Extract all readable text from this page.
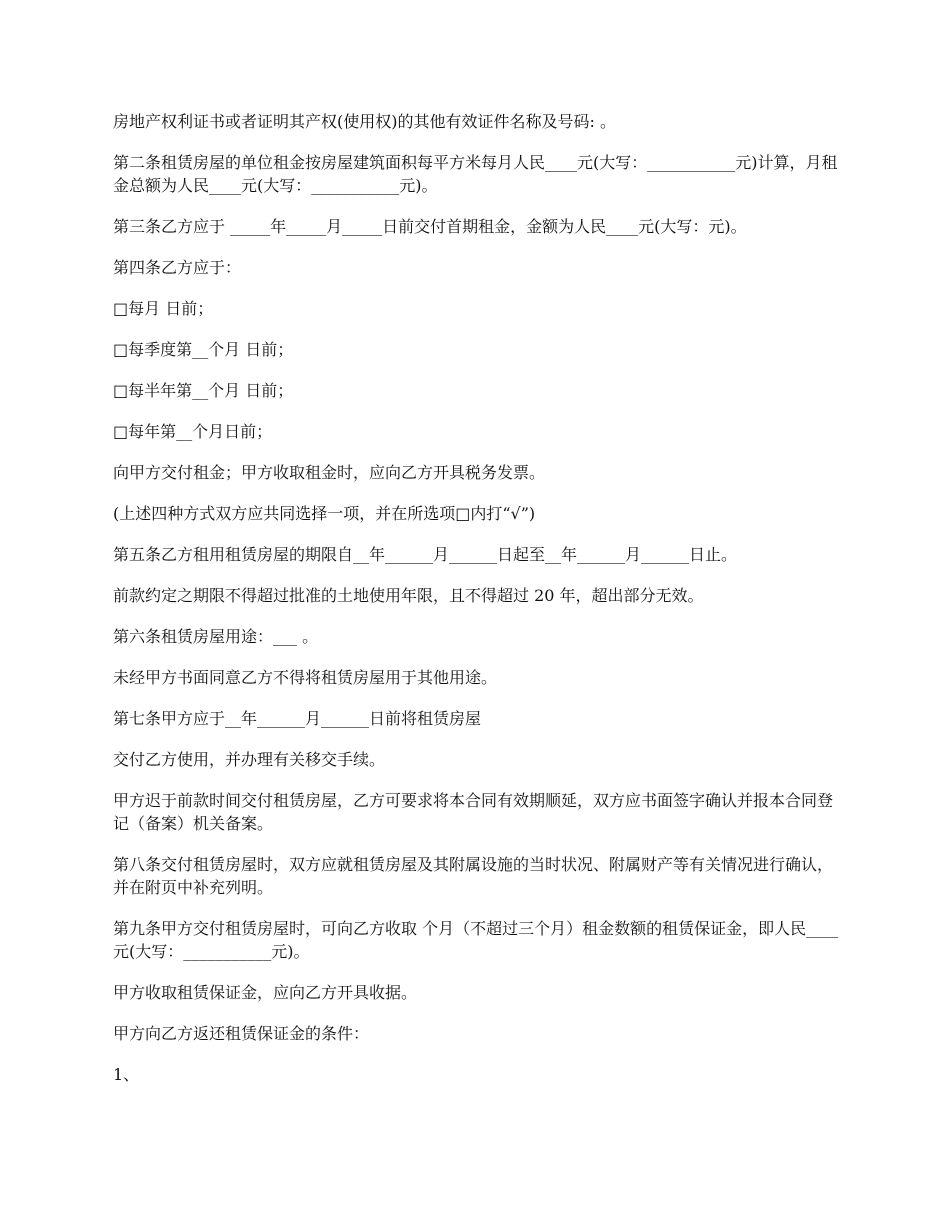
房地产权利证书或者证明其产权(使用权)的其他有效证件名称及号码: 。

第二条租赁房屋的单位租金按房屋建筑面积每平方米每月人民____元(大写：___________元)计算，月租金总额为人民____元(大写：___________元)。

第三条乙方应于 _____年_____月_____日前交付首期租金，金额为人民____元(大写：元)。

第四条乙方应于：

□每月 日前；

□每季度第__个月 日前；

□每半年第__个月 日前；

□每年第__个月日前；

向甲方交付租金；甲方收取租金时，应向乙方开具税务发票。

(上述四种方式双方应共同选择一项，并在所选项□内打“√”)

第五条乙方租用租赁房屋的期限自__年______月______日起至__年______月______日止。

前款约定之期限不得超过批准的土地使用年限，且不得超过 20 年，超出部分无效。

第六条租赁房屋用途：___ 。

未经甲方书面同意乙方不得将租赁房屋用于其他用途。

第七条甲方应于__年______月______日前将租赁房屋

交付乙方使用，并办理有关移交手续。

甲方迟于前款时间交付租赁房屋，乙方可要求将本合同有效期顺延，双方应书面签字确认并报本合同登记（备案）机关备案。

第八条交付租赁房屋时，双方应就租赁房屋及其附属设施的当时状况、附属财产等有关情况进行确认，并在附页中补充列明。

第九条甲方交付租赁房屋时，可向乙方收取 个月（不超过三个月）租金数额的租赁保证金，即人民____元(大写：___________元)。

甲方收取租赁保证金，应向乙方开具收据。

甲方向乙方返还租赁保证金的条件：

1、
